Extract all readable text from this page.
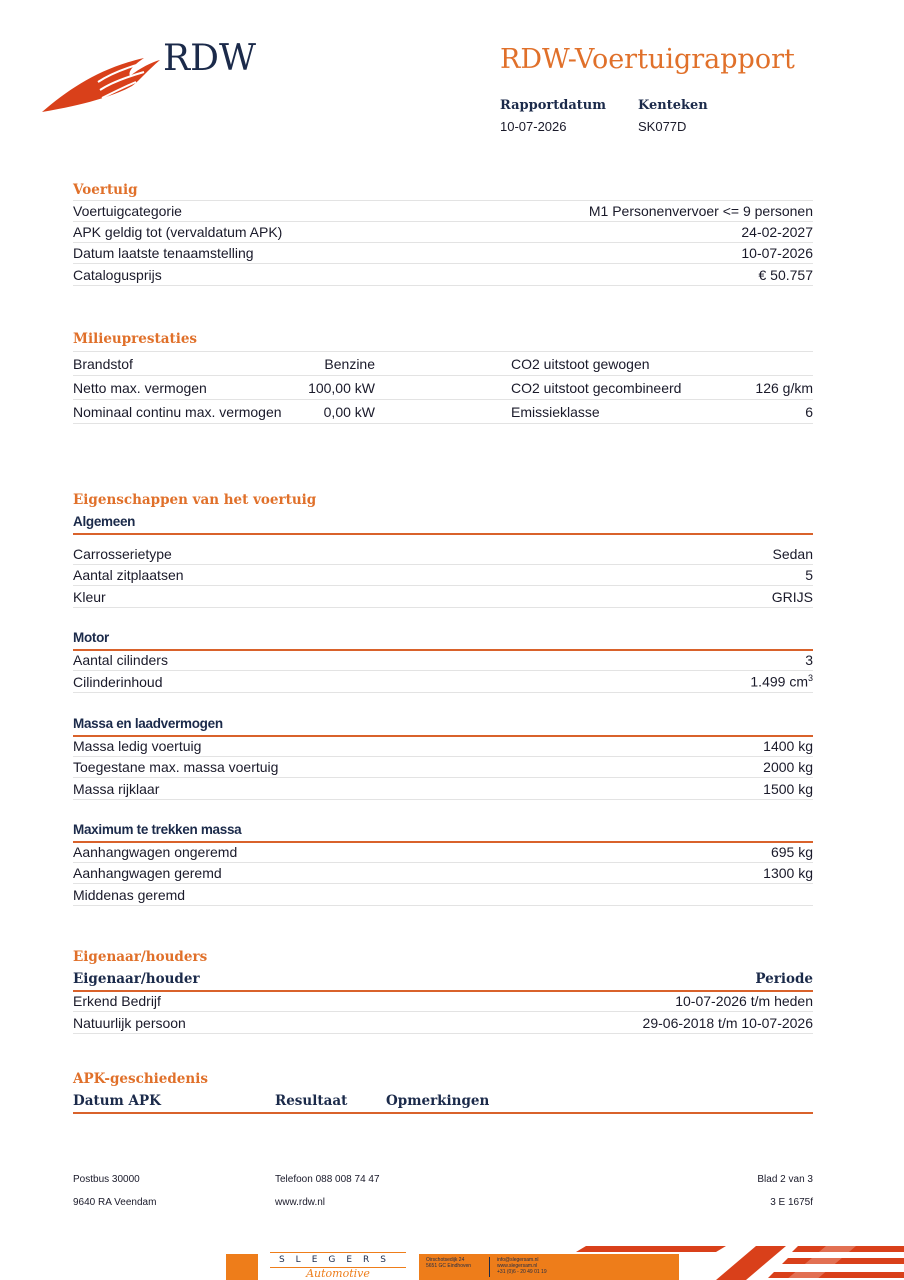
RDW	RDW-Voertuigrapport
Rapportdatum
10-07-2026
Kenteken
SK077D
Voertuig
Voertuigcategorie	M1 Personenvervoer <= 9 personen
APK geldig tot (vervaldatum APK)	24-02-2027
Datum laatste tenaamstelling	10-07-2026
Catalogusprijs	€ 50.757
Milieuprestaties
Brandstof	Benzine	CO2 uitstoot gewogen
Netto max. vermogen	100,00 kW	CO2 uitstoot gecombineerd	126 g/km
Nominaal continu max. vermogen	0,00 kW	Emissieklasse	6
Eigenschappen van het voertuig
Algemeen
Carrosserietype	Sedan
Aantal zitplaatsen	5
Kleur	GRIJS
Motor
Aantal cilinders	3
Cilinderinhoud	1.499 $cm^3$
Massa en laadvermogen
Massa ledig voertuig	1400 kg
Toegestane max. massa voertuig	2000 kg
Massa rijklaar	1500 kg
Maximum te trekken massa
Aanhangwagen ongeremd	695 kg
Aanhangwagen geremd	1300 kg
Middenas geremd
Eigenaar/houders
Eigenaar/houder	Periode
Erkend Bedrijf	10-07-2026 t/m heden
Natuurlijk persoon	29-06-2018 t/m 10-07-2026
APK-geschiedenis
Datum APK	Resultaat	Opmerkingen
Postbus 30000
9640 RA Veendam
Telefoon 088 008 74 47
www.rdw.nl
Blad 2 van 3
3 E 1675f
SLEGERS
Automotive
Oirschotsedijk 24
5651 GC Eindhoven
info@slegersam.nl
www.slegersam.nl
+31 (0)6 - 20 49 01 19
